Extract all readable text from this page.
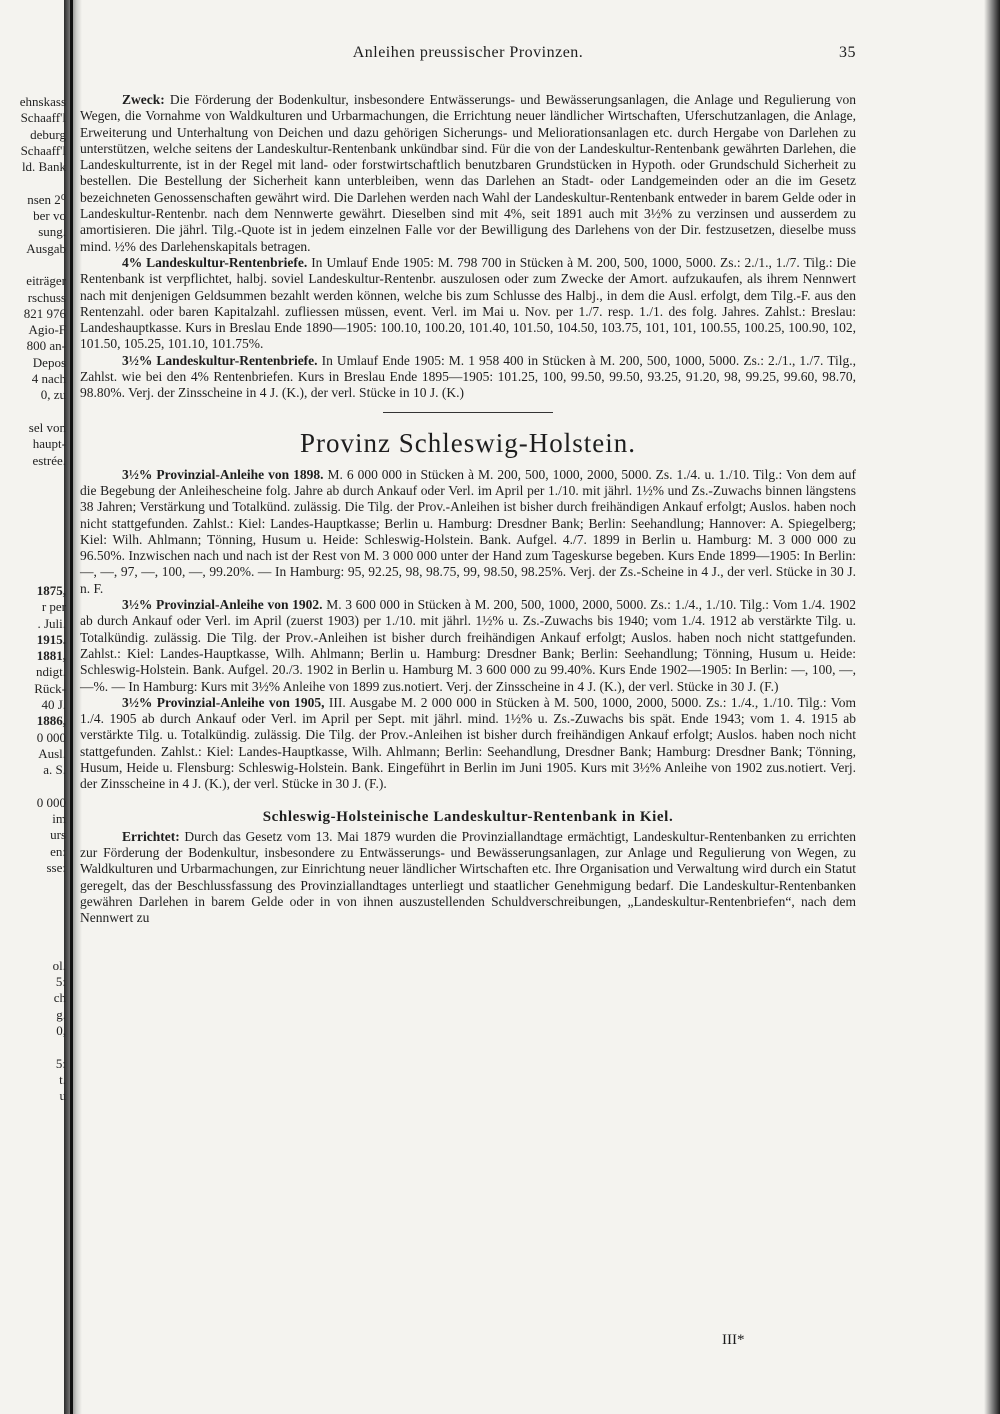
ehnskass
Schaaff'l
deburg
Schaaff'l
ld. Bank

nsen 2⁰
ber vo
sung.
Ausgab

eiträger
rschuss
821 976
Agio-F
800 an-
Depos
4 nach
0, zu

sel von
haupt-
estrée.

1875,
r per
. Juli.
1915.
1881,
ndigt.
Rück-
40 J.
1886,
0 000
Ausl.
a. S.

0 000
im
urs
en:
sse:

ol.
5:
ch
g.
0,

5:
t.
u
Anleihen preussischer Provinzen.	35

Zweck: Die Förderung der Bodenkultur, insbesondere Entwässerungs- und Bewässerungsanlagen, die Anlage und Regulierung von Wegen, die Vornahme von Waldkulturen und Urbarmachungen, die Errichtung neuer ländlicher Wirtschaften, Uferschutzanlagen, die Anlage, Erweiterung und Unterhaltung von Deichen und dazu gehörigen Sicherungs- und Meliorationsanlagen etc. durch Hergabe von Darlehen zu unterstützen, welche seitens der Landeskultur-Rentenbank unkündbar sind. Für die von der Landeskultur-Rentenbank gewährten Darlehen, die Landeskulturrente, ist in der Regel mit land- oder forstwirtschaftlich benutzbaren Grundstücken in Hypoth. oder Grundschuld Sicherheit zu bestellen. Die Bestellung der Sicherheit kann unterbleiben, wenn das Darlehen an Stadt- oder Landgemeinden oder an die im Gesetz bezeichneten Genossenschaften gewährt wird. Die Darlehen werden nach Wahl der Landeskultur-Rentenbank entweder in barem Gelde oder in Landeskultur-Rentenbr. nach dem Nennwerte gewährt. Dieselben sind mit 4%, seit 1891 auch mit 3½% zu verzinsen und ausserdem zu amortisieren. Die jährl. Tilg.-Quote ist in jedem einzelnen Falle vor der Bewilligung des Darlehens von der Dir. festzusetzen, dieselbe muss mind. ½% des Darlehenskapitals betragen.

4% Landeskultur-Rentenbriefe. In Umlauf Ende 1905: M. 798 700 in Stücken à M. 200, 500, 1000, 5000. Zs.: 2./1., 1./7. Tilg.: Die Rentenbank ist verpflichtet, halbj. soviel Landeskultur-Rentenbr. auszulosen oder zum Zwecke der Amort. aufzukaufen, als ihrem Nennwert nach mit denjenigen Geldsummen bezahlt werden können, welche bis zum Schlusse des Halbj., in dem die Ausl. erfolgt, dem Tilg.-F. aus den Rentenzahl. oder baren Kapitalzahl. zufliessen müssen, event. Verl. im Mai u. Nov. per 1./7. resp. 1./1. des folg. Jahres. Zahlst.: Breslau: Landeshauptkasse. Kurs in Breslau Ende 1890—1905: 100.10, 100.20, 101.40, 101.50, 104.50, 103.75, 101, 101, 100.55, 100.25, 100.90, 102, 101.50, 105.25, 101.10, 101.75%.

3½% Landeskultur-Rentenbriefe. In Umlauf Ende 1905: M. 1 958 400 in Stücken à M. 200, 500, 1000, 5000. Zs.: 2./1., 1./7. Tilg., Zahlst. wie bei den 4% Rentenbriefen. Kurs in Breslau Ende 1895—1905: 101.25, 100, 99.50, 99.50, 93.25, 91.20, 98, 99.25, 99.60, 98.70, 98.80%. Verj. der Zinsscheine in 4 J. (K.), der verl. Stücke in 10 J. (K.)

Provinz Schleswig-Holstein.

3½% Provinzial-Anleihe von 1898. M. 6 000 000 in Stücken à M. 200, 500, 1000, 2000, 5000. Zs. 1./4. u. 1./10. Tilg.: Von dem auf die Begebung der Anleihescheine folg. Jahre ab durch Ankauf oder Verl. im April per 1./10. mit jährl. 1½% und Zs.-Zuwachs binnen längstens 38 Jahren; Verstärkung und Totalkünd. zulässig. Die Tilg. der Prov.-Anleihen ist bisher durch freihändigen Ankauf erfolgt; Auslos. haben noch nicht stattgefunden. Zahlst.: Kiel: Landes-Hauptkasse; Berlin u. Hamburg: Dresdner Bank; Berlin: Seehandlung; Hannover: A. Spiegelberg; Kiel: Wilh. Ahlmann; Tönning, Husum u. Heide: Schleswig-Holstein. Bank. Aufgel. 4./7. 1899 in Berlin u. Hamburg: M. 3 000 000 zu 96.50%. Inzwischen nach und nach ist der Rest von M. 3 000 000 unter der Hand zum Tageskurse begeben. Kurs Ende 1899—1905: In Berlin: —, —, 97, —, 100, —, 99.20%. — In Hamburg: 95, 92.25, 98, 98.75, 99, 98.50, 98.25%. Verj. der Zs.-Scheine in 4 J., der verl. Stücke in 30 J. n. F.

3½% Provinzial-Anleihe von 1902. M. 3 600 000 in Stücken à M. 200, 500, 1000, 2000, 5000. Zs.: 1./4., 1./10. Tilg.: Vom 1./4. 1902 ab durch Ankauf oder Verl. im April (zuerst 1903) per 1./10. mit jährl. 1½% u. Zs.-Zuwachs bis 1940; vom 1./4. 1912 ab verstärkte Tilg. u. Totalkündig. zulässig. Die Tilg. der Prov.-Anleihen ist bisher durch freihändigen Ankauf erfolgt; Auslos. haben noch nicht stattgefunden. Zahlst.: Kiel: Landes-Hauptkasse, Wilh. Ahlmann; Berlin u. Hamburg: Dresdner Bank; Berlin: Seehandlung; Tönning, Husum u. Heide: Schleswig-Holstein. Bank. Aufgel. 20./3. 1902 in Berlin u. Hamburg M. 3 600 000 zu 99.40%. Kurs Ende 1902—1905: In Berlin: —, 100, —, —%. — In Hamburg: Kurs mit 3½% Anleihe von 1899 zus.notiert. Verj. der Zinsscheine in 4 J. (K.), der verl. Stücke in 30 J. (F.)

3½% Provinzial-Anleihe von 1905, III. Ausgabe M. 2 000 000 in Stücken à M. 500, 1000, 2000, 5000. Zs.: 1./4., 1./10. Tilg.: Vom 1./4. 1905 ab durch Ankauf oder Verl. im April per Sept. mit jährl. mind. 1½% u. Zs.-Zuwachs bis spät. Ende 1943; vom 1. 4. 1915 ab verstärkte Tilg. u. Totalkündig. zulässig. Die Tilg. der Prov.-Anleihen ist bisher durch freihändigen Ankauf erfolgt; Auslos. haben noch nicht stattgefunden. Zahlst.: Kiel: Landes-Hauptkasse, Wilh. Ahlmann; Berlin: Seehandlung, Dresdner Bank; Hamburg: Dresdner Bank; Tönning, Husum, Heide u. Flensburg: Schleswig-Holstein. Bank. Eingeführt in Berlin im Juni 1905. Kurs mit 3½% Anleihe von 1902 zus.notiert. Verj. der Zinsscheine in 4 J. (K.), der verl. Stücke in 30 J. (F.).

Schleswig-Holsteinische Landeskultur-Rentenbank in Kiel.

Errichtet: Durch das Gesetz vom 13. Mai 1879 wurden die Provinziallandtage ermächtigt, Landeskultur-Rentenbanken zu errichten zur Förderung der Bodenkultur, insbesondere zu Entwässerungs- und Bewässerungsanlagen, zur Anlage und Regulierung von Wegen, zu Waldkulturen und Urbarmachungen, zur Einrichtung neuer ländlicher Wirtschaften etc. Ihre Organisation und Verwaltung wird durch ein Statut geregelt, das der Beschlussfassung des Provinziallandtages unterliegt und staatlicher Genehmigung bedarf. Die Landeskultur-Rentenbanken gewähren Darlehen in barem Gelde oder in von ihnen auszustellenden Schuldverschreibungen, „Landeskultur-Rentenbriefen“, nach dem Nennwert zu

III*
